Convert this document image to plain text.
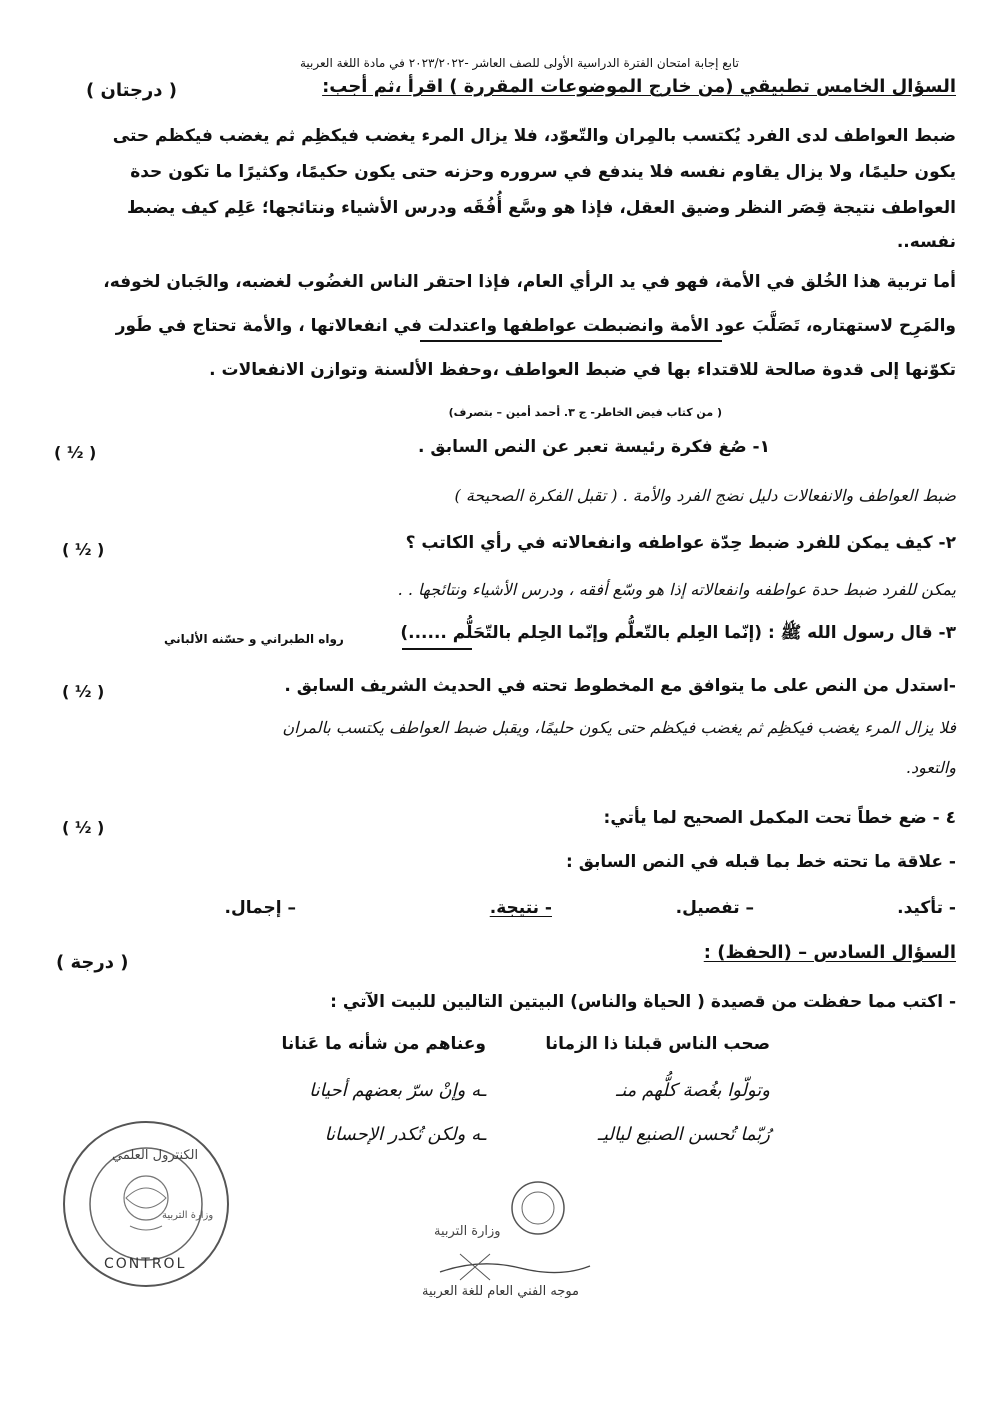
تابع إجابة امتحان الفترة الدراسية الأولى للصف العاشر -٢٠٢٣/٢٠٢٢ في مادة اللغة العربية
السؤال الخامس تطبيقي (من خارج الموضوعات المقررة ) اقرأ ،ثم أجب:
( درجتان )
ضبط العواطف لدى الفرد يُكتسب بالمِران والتّعوّد، فلا يزال المرء يغضب فيكظِم ثم يغضب فيكظم حتى
يكون حليمًا، ولا يزال يقاوم نفسه فلا يندفع في سروره وحزنه حتى يكون حكيمًا، وكثيرًا ما تكون حدة
العواطف نتيجة قِصَر النظر وضيق العقل، فإذا هو وسَّع أُفُقَه ودرس الأشياء ونتائجها؛ عَلِم كيف يضبط
نفسه..
أما تربية هذا الخُلق في الأمة، فهو في يد الرأي العام، فإذا احتقر الناس الغضُوب لغضبه، والجَبان لخوفه،
والمَرِح لاستهتاره، تَصَلَّبَ عود الأمة وانضبطت عواطفها واعتدلت في انفعالاتها ، والأمة تحتاج في طَور
تكوّنها إلى قدوة صالحة للاقتداء بها في ضبط العواطف ،وحفظ الألسنة وتوازن الانفعالات .
( من كتاب فيض الخاطر- ج ٣. أحمد أمين – بتصرف)
١- صُغ فكرة رئيسة تعبر عن النص السابق .
( ½ )
ضبط العواطف والانفعالات دليل نضج الفرد والأمة . ( تقبل الفكرة الصحيحة )
٢- كيف يمكن للفرد ضبط حِدّة عواطفه وانفعالاته في رأي الكاتب ؟
( ½ )
يمكن للفرد ضبط حدة عواطفه وانفعالاته إذا هو وسّع أفقه ، ودرس الأشياء ونتائجها . .
٣- قال رسول الله ﷺ : (إنّما العِلم بالتّعلُّم وإنّما الحِلم بالتّحَلُّم ......)
رواه الطبراني و حسّنه الألباني
-استدل من النص على ما يتوافق مع المخطوط تحته في الحديث الشريف السابق .
( ½ )
فلا يزال المرء يغضب فيكظِم ثم يغضب فيكظم حتى يكون حليمًا، ويقبل ضبط العواطف يكتسب بالمران
والتعود.
٤ - ضع خطاً تحت المكمل الصحيح لما يأتي:
( ½ )
- علاقة ما تحته خط بما قبله في النص السابق :
- تأكيد.
– تفصيل.
- نتيجة.
– إجمال.
السؤال السادس – (الحفظ) :
( درجة )
- اكتب مما حفظت من قصيدة ( الحياة والناس) البيتين التاليين للبيت الآتي :
صحب الناس قبلنا ذا الزمانا
وعناهم من شأنه ما عَنانا
وتولّوا بغُصة كلُّهم منـ
ـه وإنْ سرّ بعضهم أحيانا
رُبّما تُحسن الصنيع لياليـ
ـه ولكن تُكدر الإحسانا
الكنترول العلمي
وزارة التربية
CONTROL
وزارة التربية
موجه الفني العام للغة العربية
